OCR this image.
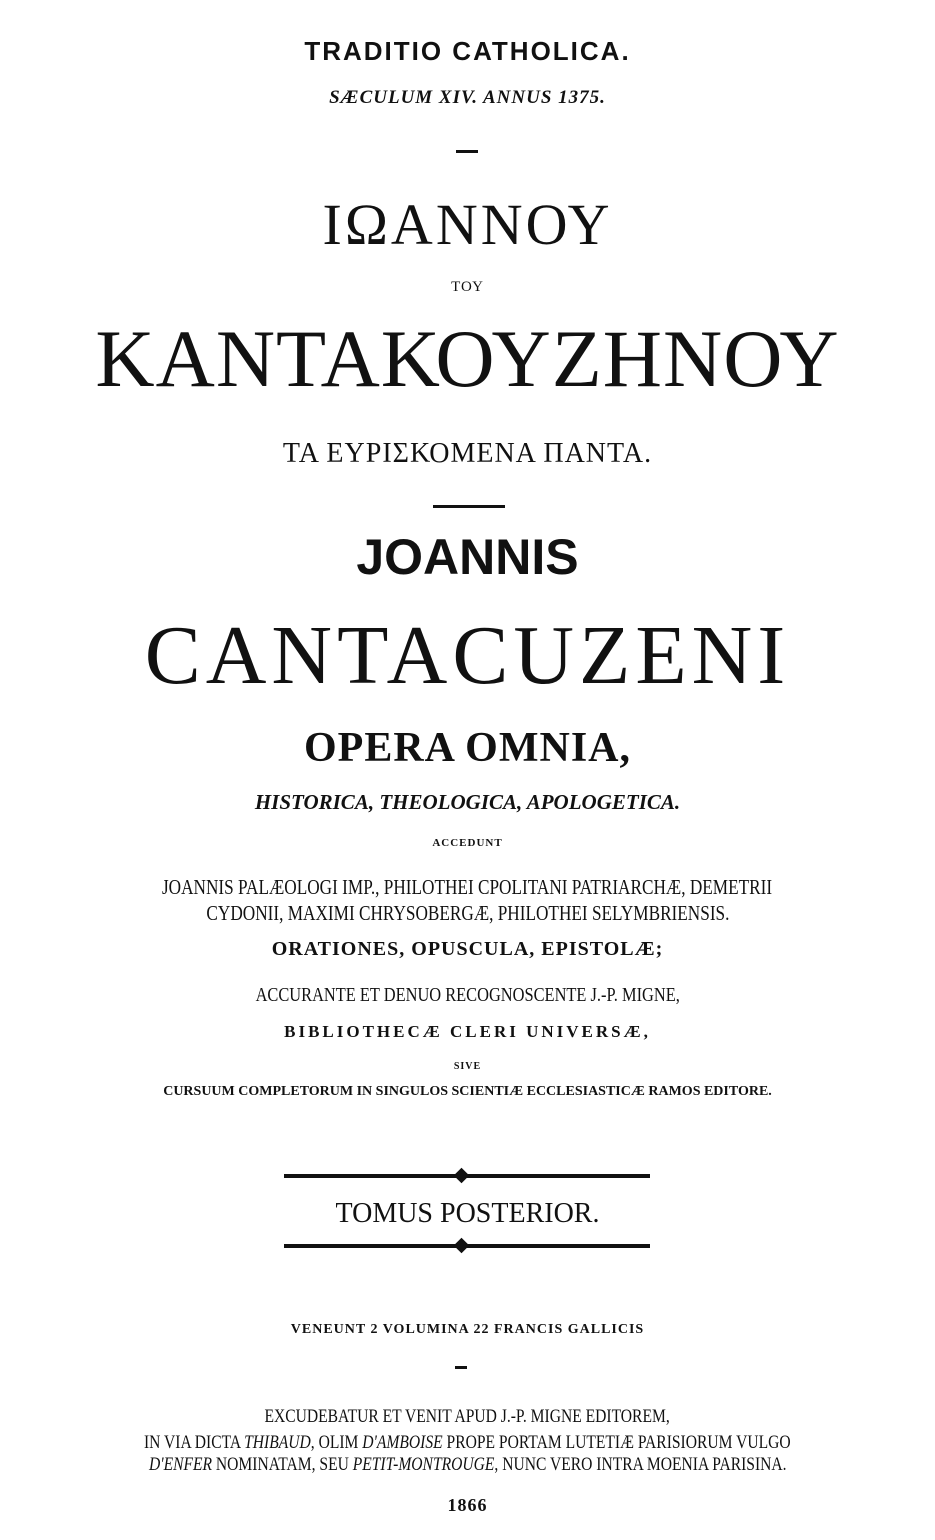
TRADITIO CATHOLICA.
SÆCULUM XIV. ANNUS 1375.
ΙΩΑΝΝΟΥ
ΤΟΥ
ΚΑΝΤΑΚΟΥΖΗΝΟΥ
ΤΑ ΕΥΡΙΣΚΟΜΕΝΑ ΠΑΝΤΑ.
JOANNIS
CANTACUZENI
OPERA OMNIA,
HISTORICA, THEOLOGICA, APOLOGETICA.
ACCEDUNT
JOANNIS PALÆOLOGI IMP., PHILOTHEI CPOLITANI PATRIARCHÆ, DEMETRII
CYDONII, MAXIMI CHRYSOBERGÆ, PHILOTHEI SELYMBRIENSIS.
ORATIONES, OPUSCULA, EPISTOLÆ;
ACCURANTE ET DENUO RECOGNOSCENTE J.-P. MIGNE,
BIBLIOTHECÆ CLERI UNIVERSÆ,
SIVE
CURSUUM COMPLETORUM IN SINGULOS SCIENTIÆ ECCLESIASTICÆ RAMOS EDITORE.
TOMUS POSTERIOR.
VENEUNT 2 VOLUMINA 22 FRANCIS GALLICIS
EXCUDEBATUR ET VENIT APUD J.-P. MIGNE EDITOREM,
IN VIA DICTA THIBAUD, OLIM D'AMBOISE PROPE PORTAM LUTETIÆ PARISIORUM VULGO
D'ENFER NOMINATAM, SEU PETIT-MONTROUGE, NUNC VERO INTRA MOENIA PARISINA.
1866
